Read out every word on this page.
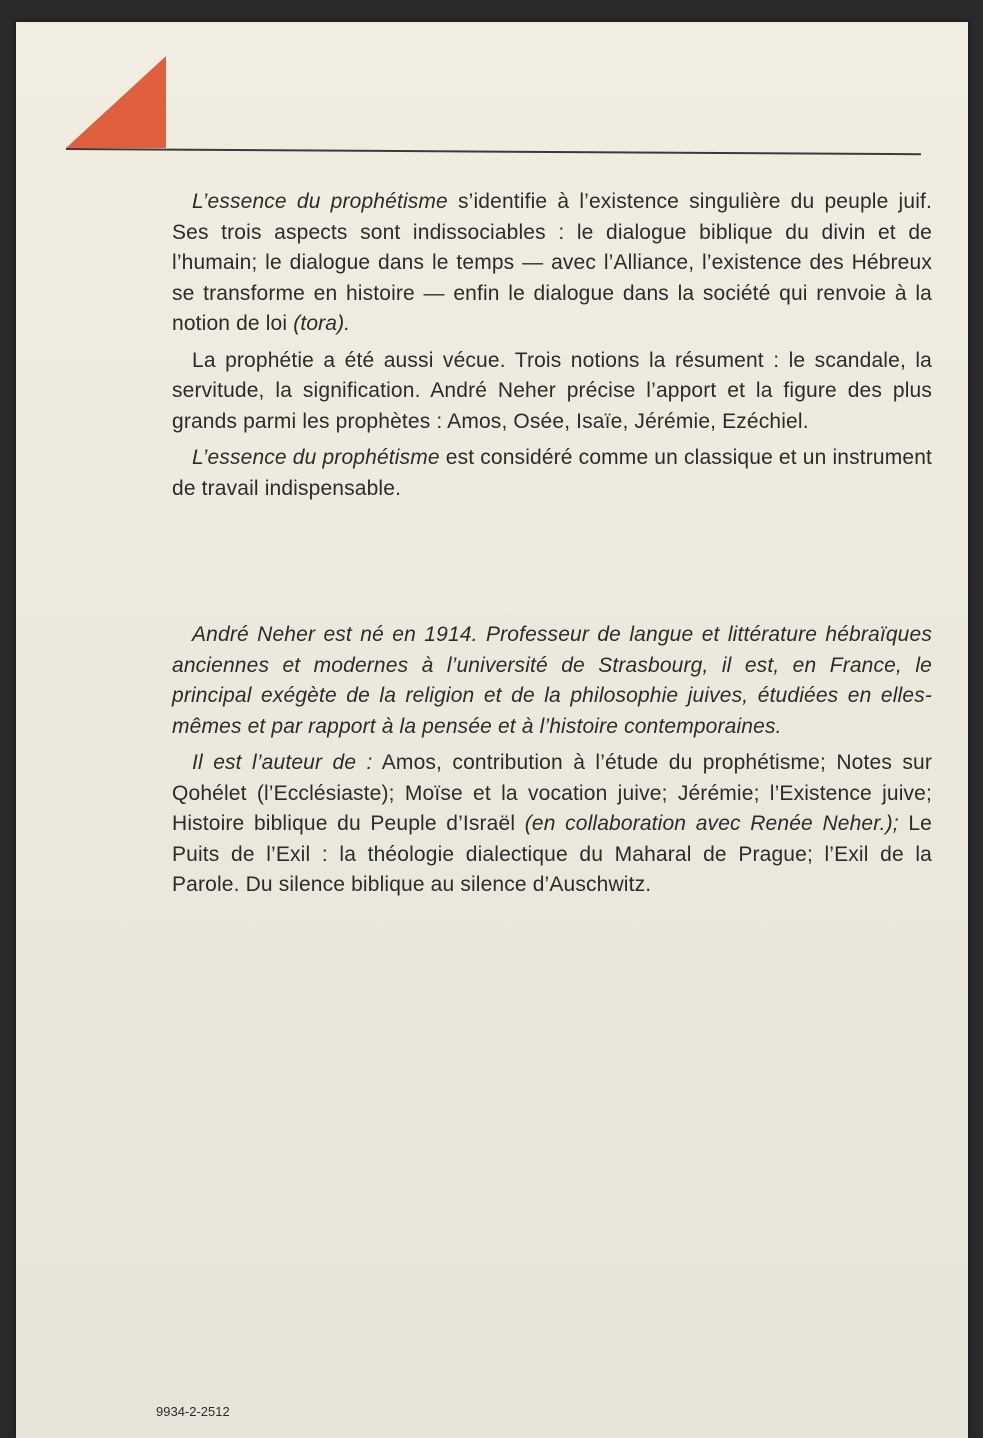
L’essence du prophétisme s’identifie à l’existence singulière du peuple juif. Ses trois aspects sont indissociables : le dialogue biblique du divin et de l’humain; le dialogue dans le temps — avec l’Alliance, l’existence des Hébreux se transforme en histoire — enfin le dialogue dans la société qui renvoie à la notion de loi (tora).

La prophétie a été aussi vécue. Trois notions la résument : le scandale, la servitude, la signification. André Neher précise l’apport et la figure des plus grands parmi les prophètes : Amos, Osée, Isaïe, Jérémie, Ezéchiel.

L’essence du prophétisme est considéré comme un classique et un instrument de travail indispensable.

André Neher est né en 1914. Professeur de langue et littérature hébraïques anciennes et modernes à l’université de Strasbourg, il est, en France, le principal exégète de la religion et de la philosophie juives, étudiées en elles-mêmes et par rapport à la pensée et à l’histoire contemporaines.

Il est l’auteur de : Amos, contribution à l’étude du prophétisme; Notes sur Qohélet (l’Ecclésiaste); Moïse et la vocation juive; Jérémie; l’Existence juive; Histoire biblique du Peuple d’Israël (en collaboration avec Renée Neher.); Le Puits de l’Exil : la théologie dialectique du Maharal de Prague; l’Exil de la Parole. Du silence biblique au silence d’Auschwitz.

9934-2-2512
